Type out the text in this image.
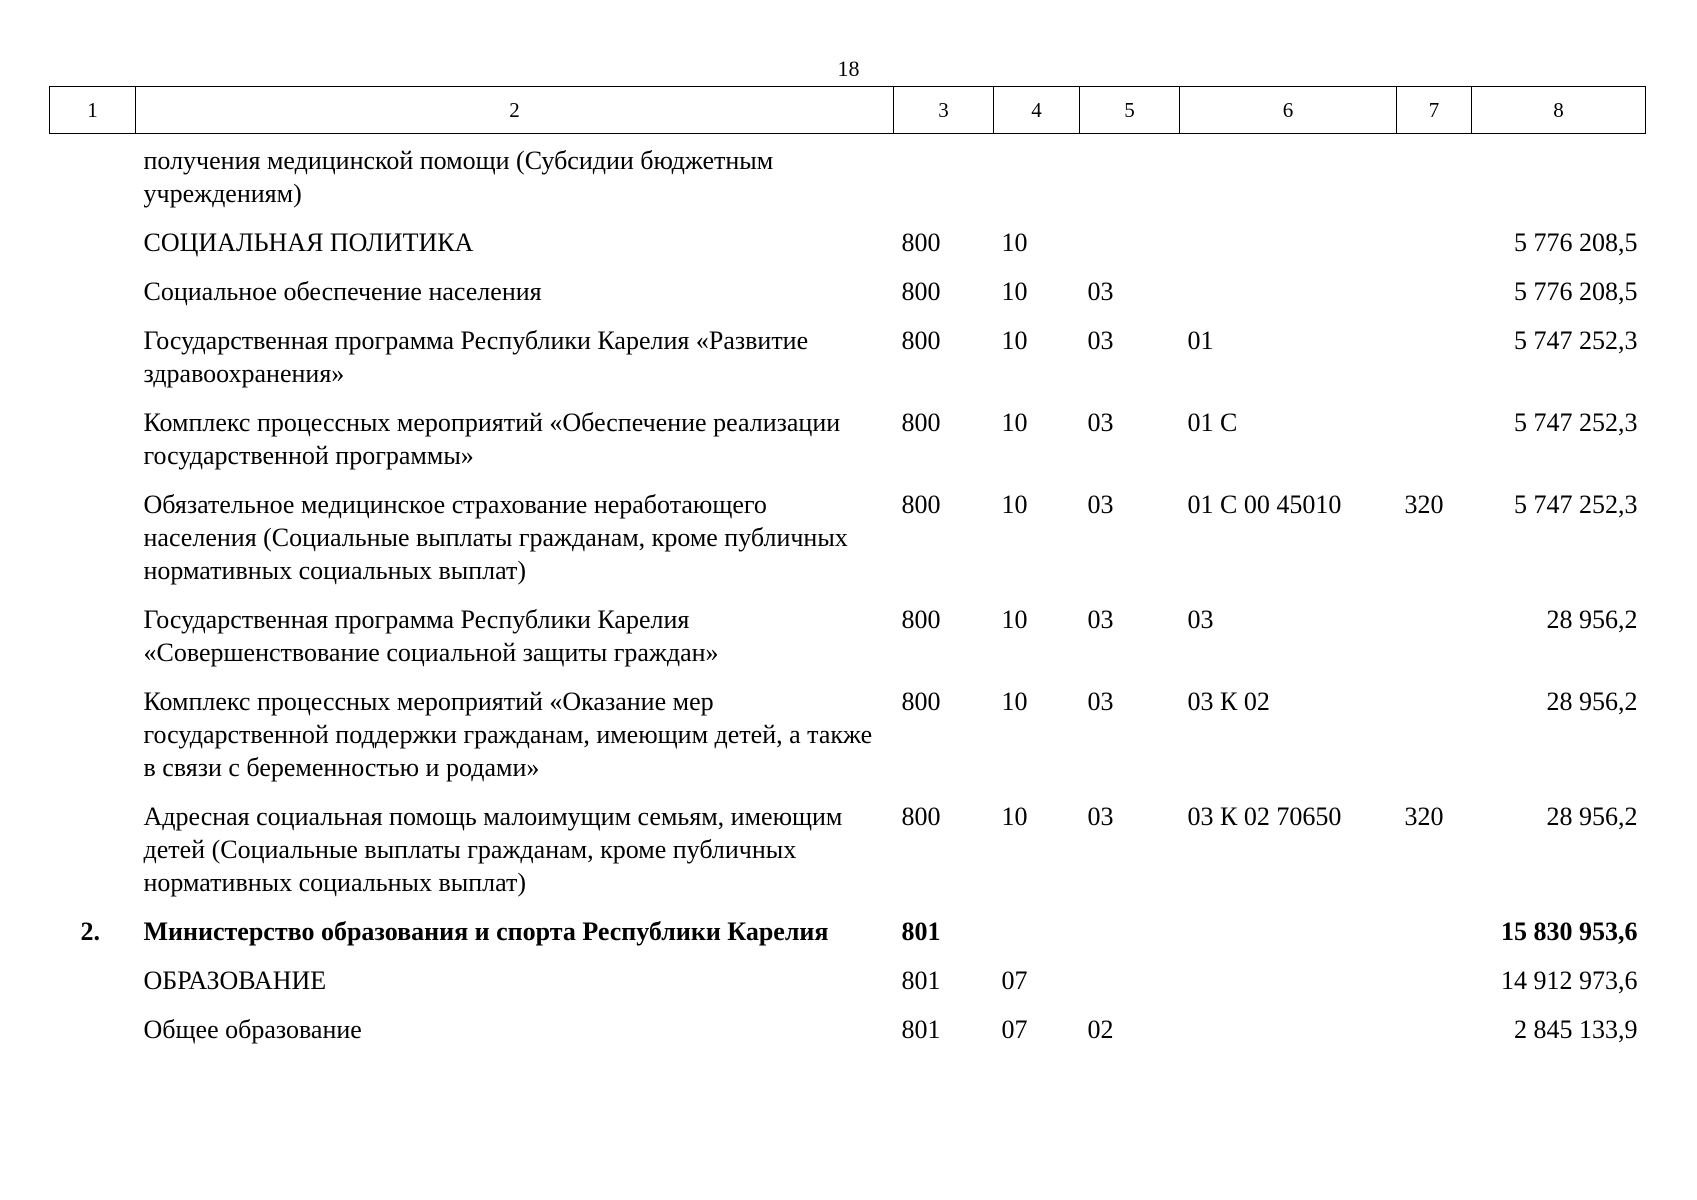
18
1	2	3	4	5	6	7	8
	получения медицинской помощи (Субсидии бюджетным учреждениям)						
	СОЦИАЛЬНАЯ ПОЛИТИКА	800	10				5 776 208,5
	Социальное обеспечение населения	800	10	03			5 776 208,5
	Государственная программа Республики Карелия «Развитие здравоохранения»	800	10	03	01		5 747 252,3
	Комплекс процессных мероприятий «Обеспечение реализации государственной программы»	800	10	03	01 С		5 747 252,3
	Обязательное медицинское страхование неработающего населения (Социальные выплаты гражданам, кроме публичных нормативных социальных выплат)	800	10	03	01 С 00 45010	320	5 747 252,3
	Государственная программа Республики Карелия «Совершенствование социальной защиты граждан»	800	10	03	03		28 956,2
	Комплекс процессных мероприятий «Оказание мер государственной поддержки гражданам, имеющим детей, а также в связи с беременностью и родами»	800	10	03	03 К 02		28 956,2
	Адресная социальная помощь малоимущим семьям, имеющим детей (Социальные выплаты гражданам, кроме публичных нормативных социальных выплат)	800	10	03	03 К 02 70650	320	28 956,2
2.	Министерство образования и спорта Республики Карелия	801					15 830 953,6
	ОБРАЗОВАНИЕ	801	07				14 912 973,6
	Общее образование	801	07	02			2 845 133,9
